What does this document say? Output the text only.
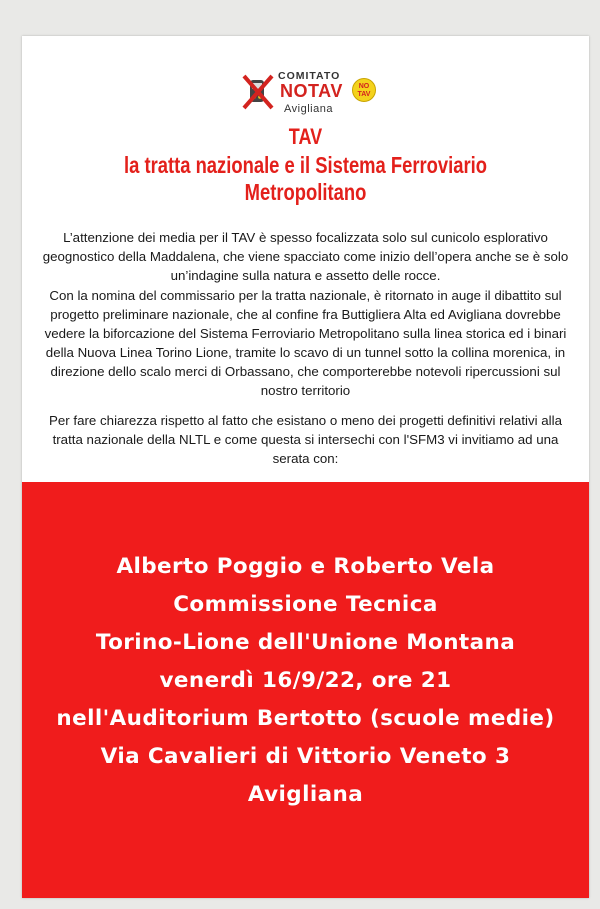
COMITATO
NOTAV
Avigliana
NO
TAV
TAV
la tratta nazionale e il Sistema Ferroviario Metropolitano

L’attenzione dei media per il TAV è spesso focalizzata solo sul cunicolo esplorativo geognostico della Maddalena, che viene spacciato come inizio dell’opera anche se è solo un’indagine sulla natura e assetto delle rocce.

Con la nomina del commissario per la tratta nazionale, è ritornato in auge il dibattito sul progetto preliminare nazionale, che al confine fra Buttigliera Alta ed Avigliana dovrebbe vedere la biforcazione del Sistema Ferroviario Metropolitano sulla linea storica ed i binari della Nuova Linea Torino Lione, tramite lo scavo di un tunnel sotto la collina morenica, in direzione dello scalo merci di Orbassano, che comporterebbe notevoli ripercussioni sul nostro territorio

Per fare chiarezza rispetto al fatto che esistano o meno dei progetti definitivi relativi alla tratta nazionale della NLTL e come questa si intersechi con l'SFM3 vi invitiamo ad una serata con:

Alberto Poggio e Roberto Vela
Commissione Tecnica
Torino-Lione dell'Unione Montana
venerdì 16/9/22, ore 21
nell'Auditorium Bertotto (scuole medie)
Via Cavalieri di Vittorio Veneto 3
Avigliana
